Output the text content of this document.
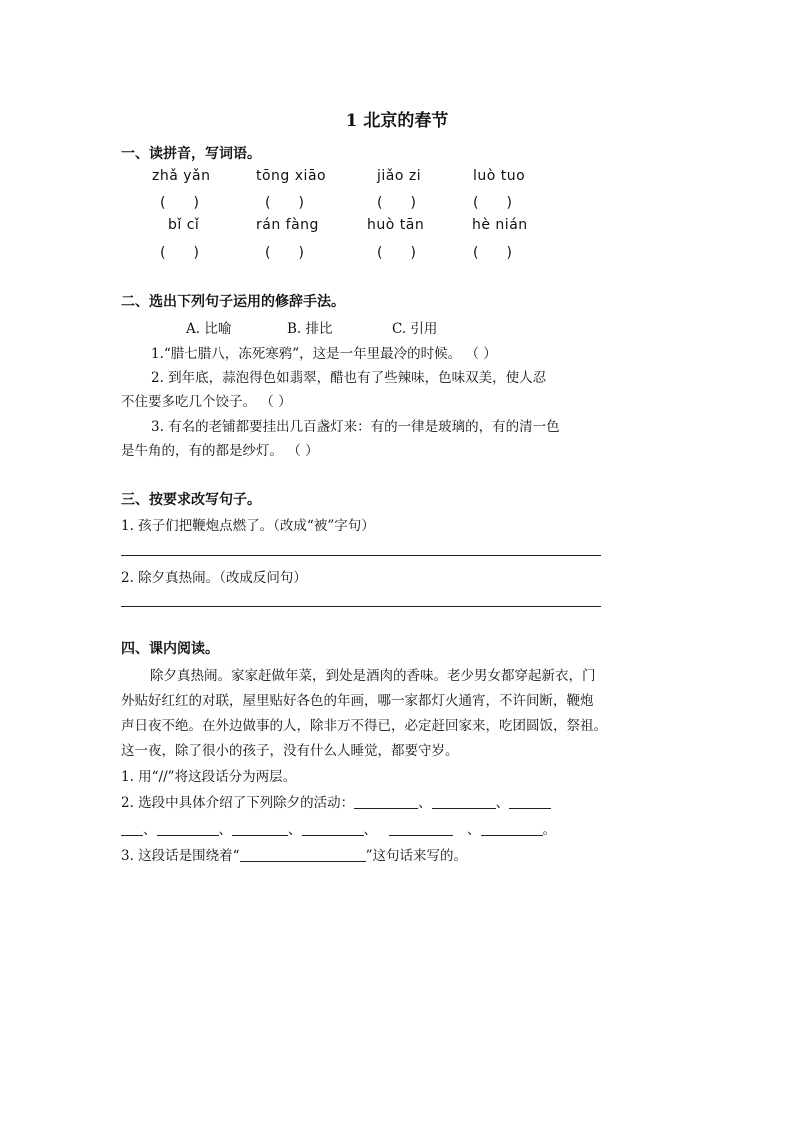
1 北京的春节
一、读拼音，写词语。
zhǎ yǎn	tōng xiāo	jiǎo zi	luò tuo
(　　)	(　　)	(　　)	(　　)
bǐ cǐ	rán fàng	huò tān	hè nián
(　　)	(　　)	(　　)	(　　)
二、选出下列句子运用的修辞手法。
A. 比喻	B. 排比	C. 引用
1.“腊七腊八，冻死寒鸦”，这是一年里最冷的时候。 （ ）
2. 到年底，蒜泡得色如翡翠，醋也有了些辣味，色味双美，使人忍
不住要多吃几个饺子。 （ ）
3. 有名的老铺都要挂出几百盏灯来：有的一律是玻璃的，有的清一色
是牛角的，有的都是纱灯。 （ ）
三、按要求改写句子。
1. 孩子们把鞭炮点燃了。（改成“被”字句）
2. 除夕真热闹。（改成反问句）
四、课内阅读。
除夕真热闹。家家赶做年菜，到处是酒肉的香味。老少男女都穿起新衣，门
外贴好红红的对联，屋里贴好各色的年画，哪一家都灯火通宵，不许间断，鞭炮
声日夜不绝。在外边做事的人，除非万不得已，必定赶回家来，吃团圆饭，祭祖。
这一夜，除了很小的孩子，没有什么人睡觉，都要守岁。
1. 用“//”将这段话分为两层。
2. 选段中具体介绍了下列除夕的活动：	、	、
、	、	、	、	、	。
3. 这段话是围绕着“	”这句话来写的。
